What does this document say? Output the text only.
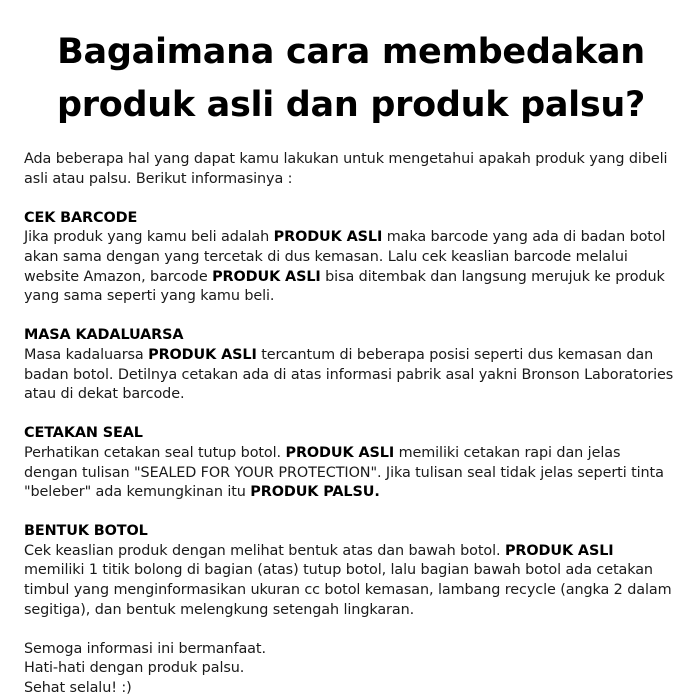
Bagaimana cara membedakan produk asli dan produk palsu?

Ada beberapa hal yang dapat kamu lakukan untuk mengetahui apakah produk yang dibeli asli atau palsu. Berikut informasinya :

CEK BARCODE
Jika produk yang kamu beli adalah PRODUK ASLI maka barcode yang ada di badan botol akan sama dengan yang tercetak di dus kemasan. Lalu cek keaslian barcode melalui website Amazon, barcode PRODUK ASLI bisa ditembak dan langsung merujuk ke produk yang sama seperti yang kamu beli.
MASA KADALUARSA
Masa kadaluarsa PRODUK ASLI tercantum di beberapa posisi seperti dus kemasan dan badan botol. Detilnya cetakan ada di atas informasi pabrik asal yakni Bronson Laboratories atau di dekat barcode.
CETAKAN SEAL
Perhatikan cetakan seal tutup botol. PRODUK ASLI memiliki cetakan rapi dan jelas dengan tulisan "SEALED FOR YOUR PROTECTION". Jika tulisan seal tidak jelas seperti tinta "beleber" ada kemungkinan itu PRODUK PALSU.
BENTUK BOTOL
Cek keaslian produk dengan melihat bentuk atas dan bawah botol. PRODUK ASLI memiliki 1 titik bolong di bagian (atas) tutup botol, lalu bagian bawah botol ada cetakan timbul yang menginformasikan ukuran cc botol kemasan, lambang recycle (angka 2 dalam segitiga), dan bentuk melengkung setengah lingkaran.

Semoga informasi ini bermanfaat.
Hati-hati dengan produk palsu.
Sehat selalu! :)
